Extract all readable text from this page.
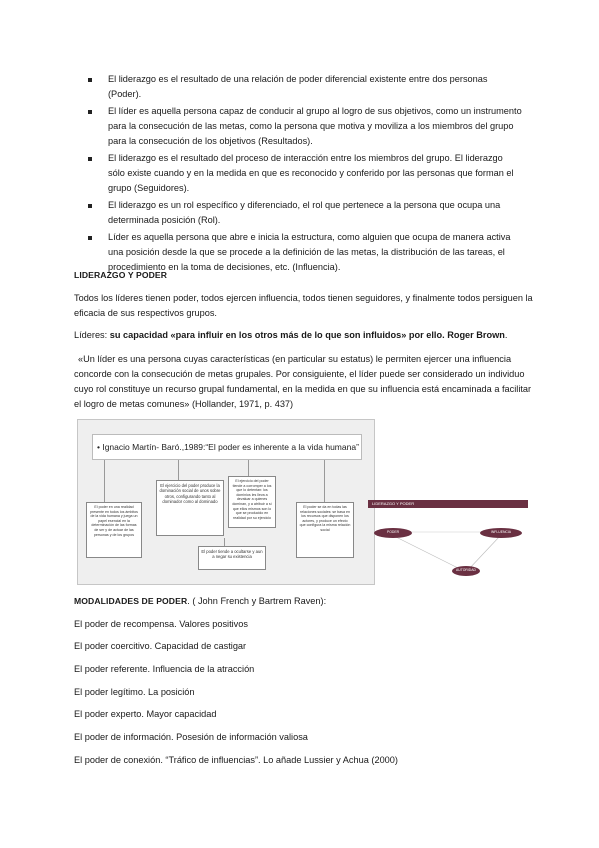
El liderazgo es el resultado de una relación de poder diferencial existente entre dos personas (Poder).
El líder es aquella persona capaz de conducir al grupo al logro de sus objetivos, como un instrumento para la consecución de las metas, como la persona que motiva y moviliza a los miembros del grupo para la consecución de los objetivos (Resultados).
El liderazgo es el resultado del proceso de interacción entre los miembros del grupo. El liderazgo sólo existe cuando y en la medida en que es reconocido y conferido por las personas que forman el grupo (Seguidores).
El liderazgo es un rol específico y diferenciado, el rol que pertenece a la persona que ocupa una determinada posición (Rol).
Líder es aquella persona que abre e inicia la estructura, como alguien que ocupa de manera activa una posición desde la que se procede a la definición de las metas, la distribución de las tareas, el procedimiento en la toma de decisiones, etc. (Influencia).

LIDERAZGO Y PODER

Todos los líderes tienen poder, todos ejercen influencia, todos tienen seguidores, y finalmente todos persiguen la eficacia de sus respectivos grupos.

Líderes: su capacidad «para influir en los otros más de lo que son influidos» por ello. Roger Brown.

«Un líder es una persona cuyas características (en particular su estatus) le permiten ejercer una influencia concorde con la consecución de metas grupales. Por consiguiente, el líder puede ser considerado un individuo cuyo rol constituye un recurso grupal fundamental, en la medida en que su influencia está encaminada a facilitar el logro de metas comunes» (Hollander, 1971, p. 437)

• Ignacio Martín- Baró.,1989:“El poder es inherente a la vida humana”
El poder en una realidad presente en todos los ámbitos de la vida humana y juega un papel esencial en la determinación de las formas de ser y de actuar de las personas y de los grupos
El ejercicio del poder produce la dominación social de unos sobre otros, configurando tanto al dominador como al dominado
El ejercicio del poder tiende a corromper a los que lo detentan: los dominios les lleva a devaluar a quienes dominan, y a atribuir a sí que ellos mismos son lo que se producido en realidad por su ejercicio
El poder se da en todas las relaciones sociales: se basa en los recursos que disponen los actores, y produce un efecto que configura la misma relación social
El poder tiende a ocultarse y aun a negar su existencia
LIDERAZGO Y PODER
PODER	INFLUENCIA
AUTORIDAD

MODALIDADES DE PODER. ( John French y Bartrem Raven):

El poder de recompensa. Valores positivos

El poder coercitivo. Capacidad de castigar

El poder referente. Influencia de la atracción

El poder legítimo. La posición

El poder experto. Mayor capacidad

El poder de información. Posesión de información valiosa

El poder de conexión. “Tráfico de influencias”. Lo añade Lussier y Achua (2000)
